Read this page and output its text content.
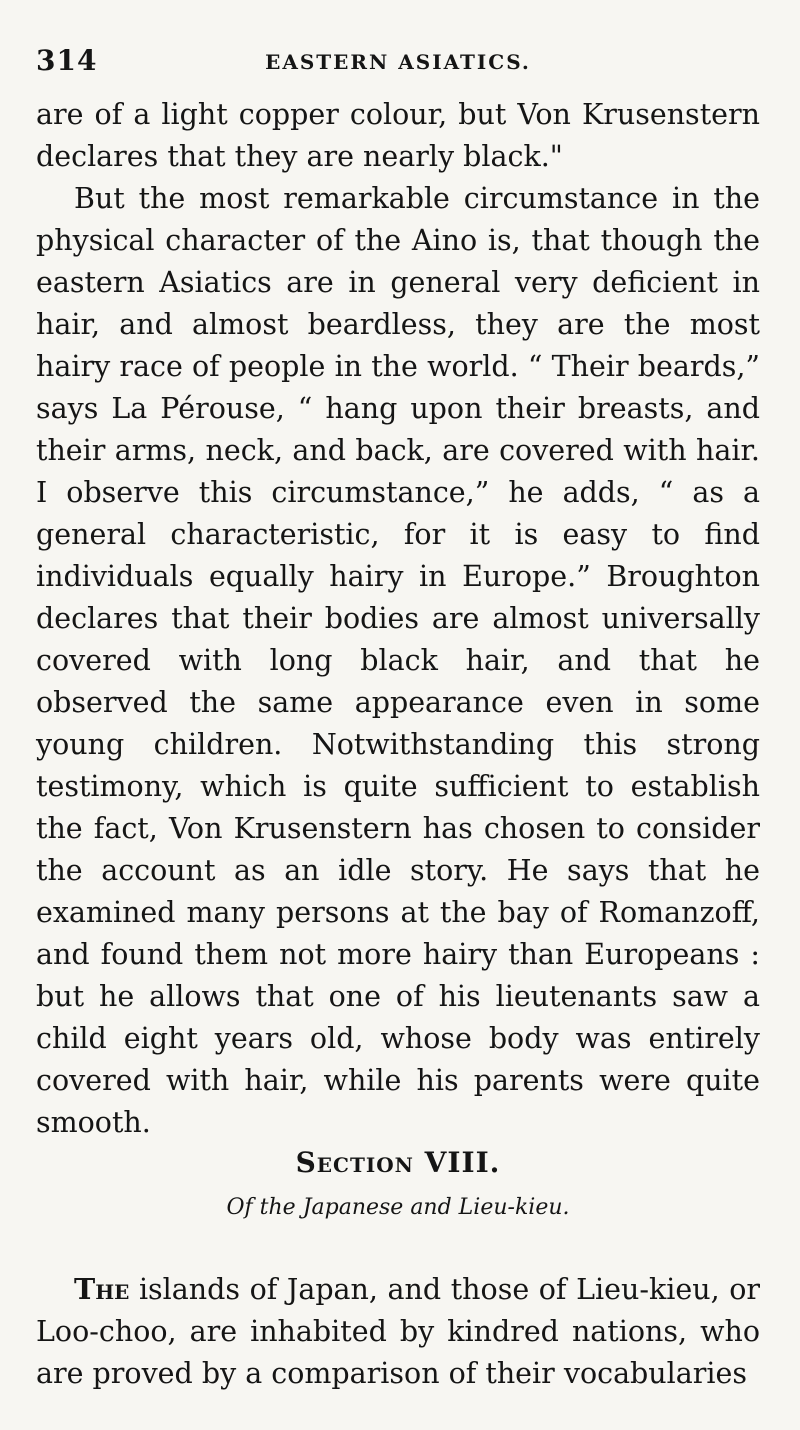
314	EASTERN ASIATICS.

are of a light copper colour, but Von Krusenstern declares that they are nearly black."

But the most remarkable circumstance in the physical character of the Aino is, that though the eastern Asiatics are in general very deficient in hair, and almost beardless, they are the most hairy race of people in the world. “ Their beards,” says La Pérouse, “ hang upon their breasts, and their arms, neck, and back, are covered with hair. I observe this circumstance,” he adds, “ as a general characteristic, for it is easy to find individuals equally hairy in Europe.” Broughton declares that their bodies are almost universally covered with long black hair, and that he observed the same appearance even in some young children. Notwithstanding this strong testimony, which is quite sufficient to establish the fact, Von Krusenstern has chosen to consider the account as an idle story. He says that he examined many persons at the bay of Romanzoff, and found them not more hairy than Europeans : but he allows that one of his lieutenants saw a child eight years old, whose body was entirely covered with hair, while his parents were quite smooth.

Section VIII.
Of the Japanese and Lieu-kieu.

The islands of Japan, and those of Lieu-kieu, or Loo-choo, are inhabited by kindred nations, who are proved by a comparison of their vocabularies
